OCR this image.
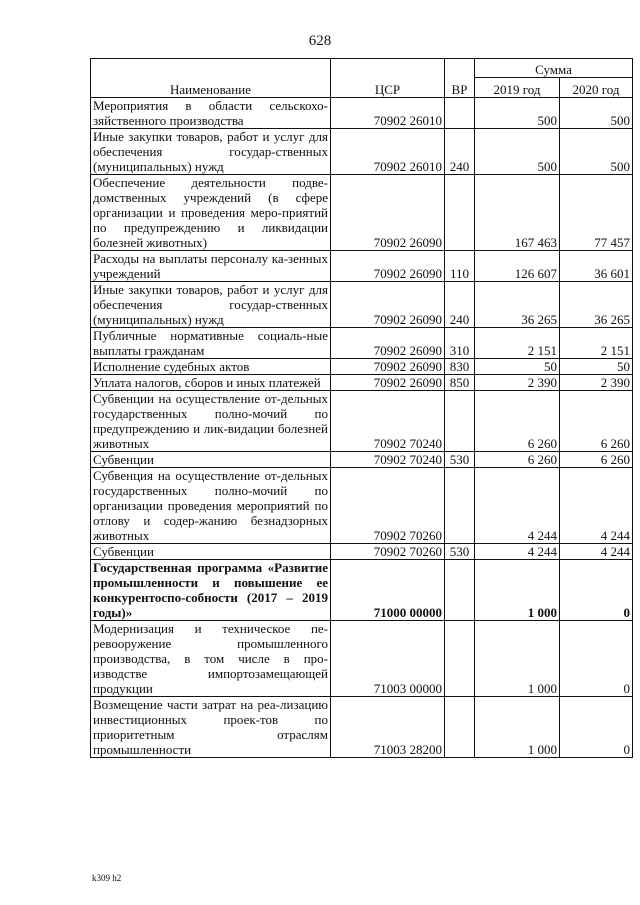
628
Наименование	ЦСР	ВР	Сумма	
			2019 год	2020 год
Мероприятия в области сельскохо-зяйственного производства	70902 26010		500	500
Иные закупки товаров, работ и услуг для обеспечения государ-ственных (муниципальных) нужд	70902 26010	240	500	500
Обеспечение деятельности подве-домственных учреждений (в сфере организации и проведения меро-приятий по предупреждению и ликвидации болезней животных)	70902 26090		167 463	77 457
Расходы на выплаты персоналу ка-зенных учреждений	70902 26090	110	126 607	36 601
Иные закупки товаров, работ и услуг для обеспечения государ-ственных (муниципальных) нужд	70902 26090	240	36 265	36 265
Публичные нормативные социаль-ные выплаты гражданам	70902 26090	310	2 151	2 151
Исполнение судебных актов	70902 26090	830	50	50
Уплата налогов, сборов и иных платежей	70902 26090	850	2 390	2 390
Субвенции на осуществление от-дельных государственных полно-мочий по предупреждению и лик-видации болезней животных	70902 70240		6 260	6 260
Субвенции	70902 70240	530	6 260	6 260
Субвенция на осуществление от-дельных государственных полно-мочий по организации проведения мероприятий по отлову и содер-жанию безнадзорных животных	70902 70260		4 244	4 244
Субвенции	70902 70260	530	4 244	4 244
Государственная программа «Развитие промышленности и повышение ее конкурентоспо-собности (2017 – 2019 годы)»	71000 00000		1 000	0
Модернизация и техническое пе-ревооружение промышленного производства, в том числе в про-изводстве импортозамещающей продукции	71003 00000		1 000	0
Возмещение части затрат на реа-лизацию инвестиционных проек-тов по приоритетным отраслям промышленности	71003 28200		1 000	0
k309 h2
